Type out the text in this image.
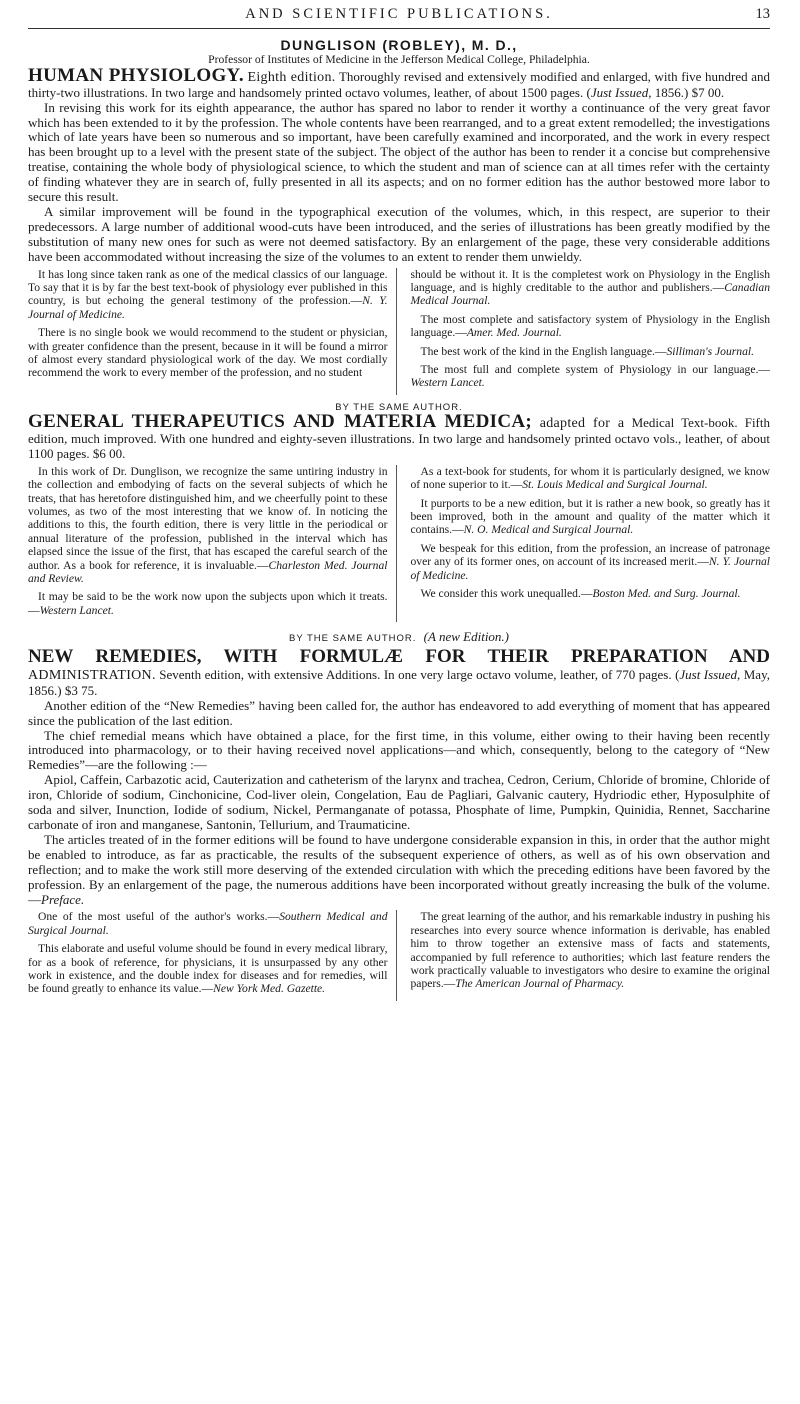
AND SCIENTIFIC PUBLICATIONS.	13
DUNGLISON (ROBLEY), M. D.,
Professor of Institutes of Medicine in the Jefferson Medical College, Philadelphia.

HUMAN PHYSIOLOGY. Eighth edition. Thoroughly revised and extensively modified and enlarged, with five hundred and thirty-two illustrations. In two large and handsomely printed octavo volumes, leather, of about 1500 pages. (Just Issued, 1856.) $7 00.

In revising this work for its eighth appearance, the author has spared no labor to render it worthy a continuance of the very great favor which has been extended to it by the profession. The whole contents have been rearranged, and to a great extent remodelled; the investigations which of late years have been so numerous and so important, have been carefully examined and incorporated, and the work in every respect has been brought up to a level with the present state of the subject. The object of the author has been to render it a concise but comprehensive treatise, containing the whole body of physiological science, to which the student and man of science can at all times refer with the certainty of finding whatever they are in search of, fully presented in all its aspects; and on no former edition has the author bestowed more labor to secure this result.

A similar improvement will be found in the typographical execution of the volumes, which, in this respect, are superior to their predecessors. A large number of additional wood-cuts have been introduced, and the series of illustrations has been greatly modified by the substitution of many new ones for such as were not deemed satisfactory. By an enlargement of the page, these very considerable additions have been accommodated without increasing the size of the volumes to an extent to render them unwieldy.

It has long since taken rank as one of the medical classics of our language. To say that it is by far the best text-book of physiology ever published in this country, is but echoing the general testimony of the profession.—N. Y. Journal of Medicine.

There is no single book we would recommend to the student or physician, with greater confidence than the present, because in it will be found a mirror of almost every standard physiological work of the day. We most cordially recommend the work to every member of the profession, and no student

should be without it. It is the completest work on Physiology in the English language, and is highly creditable to the author and publishers.—Canadian Medical Journal.

The most complete and satisfactory system of Physiology in the English language.—Amer. Med. Journal.

The best work of the kind in the English language.—Silliman's Journal.

The most full and complete system of Physiology in our language.—Western Lancet.

BY THE SAME AUTHOR.

GENERAL THERAPEUTICS AND MATERIA MEDICA; adapted for a Medical Text-book. Fifth edition, much improved. With one hundred and eighty-seven illustrations. In two large and handsomely printed octavo vols., leather, of about 1100 pages. $6 00.

In this work of Dr. Dunglison, we recognize the same untiring industry in the collection and embodying of facts on the several subjects of which he treats, that has heretofore distinguished him, and we cheerfully point to these volumes, as two of the most interesting that we know of. In noticing the additions to this, the fourth edition, there is very little in the periodical or annual literature of the profession, published in the interval which has elapsed since the issue of the first, that has escaped the careful search of the author. As a book for reference, it is invaluable.—Charleston Med. Journal and Review.

It may be said to be the work now upon the subjects upon which it treats.—Western Lancet.

As a text-book for students, for whom it is particularly designed, we know of none superior to it.—St. Louis Medical and Surgical Journal.

It purports to be a new edition, but it is rather a new book, so greatly has it been improved, both in the amount and quality of the matter which it contains.—N. O. Medical and Surgical Journal.

We bespeak for this edition, from the profession, an increase of patronage over any of its former ones, on account of its increased merit.—N. Y. Journal of Medicine.

We consider this work unequalled.—Boston Med. and Surg. Journal.

BY THE SAME AUTHOR. (A new Edition.)

NEW REMEDIES, WITH FORMULÆ FOR THEIR PREPARATION AND
ADMINISTRATION. Seventh edition, with extensive Additions. In one very large octavo volume, leather, of 770 pages. (Just Issued, May, 1856.) $3 75.

Another edition of the “New Remedies” having been called for, the author has endeavored to add everything of moment that has appeared since the publication of the last edition.

The chief remedial means which have obtained a place, for the first time, in this volume, either owing to their having been recently introduced into pharmacology, or to their having received novel applications—and which, consequently, belong to the category of “New Remedies”—are the following :—

Apiol, Caffein, Carbazotic acid, Cauterization and catheterism of the larynx and trachea, Cedron, Cerium, Chloride of bromine, Chloride of iron, Chloride of sodium, Cinchonicine, Cod-liver olein, Congelation, Eau de Pagliari, Galvanic cautery, Hydriodic ether, Hyposulphite of soda and silver, Inunction, Iodide of sodium, Nickel, Permanganate of potassa, Phosphate of lime, Pumpkin, Quinidia, Rennet, Saccharine carbonate of iron and manganese, Santonin, Tellurium, and Traumaticine.

The articles treated of in the former editions will be found to have undergone considerable expansion in this, in order that the author might be enabled to introduce, as far as practicable, the results of the subsequent experience of others, as well as of his own observation and reflection; and to make the work still more deserving of the extended circulation with which the preceding editions have been favored by the profession. By an enlargement of the page, the numerous additions have been incorporated without greatly increasing the bulk of the volume.—Preface.

One of the most useful of the author's works.—Southern Medical and Surgical Journal.

This elaborate and useful volume should be found in every medical library, for as a book of reference, for physicians, it is unsurpassed by any other work in existence, and the double index for diseases and for remedies, will be found greatly to enhance its value.—New York Med. Gazette.

The great learning of the author, and his remarkable industry in pushing his researches into every source whence information is derivable, has enabled him to throw together an extensive mass of facts and statements, accompanied by full reference to authorities; which last feature renders the work practically valuable to investigators who desire to examine the original papers.—The American Journal of Pharmacy.
